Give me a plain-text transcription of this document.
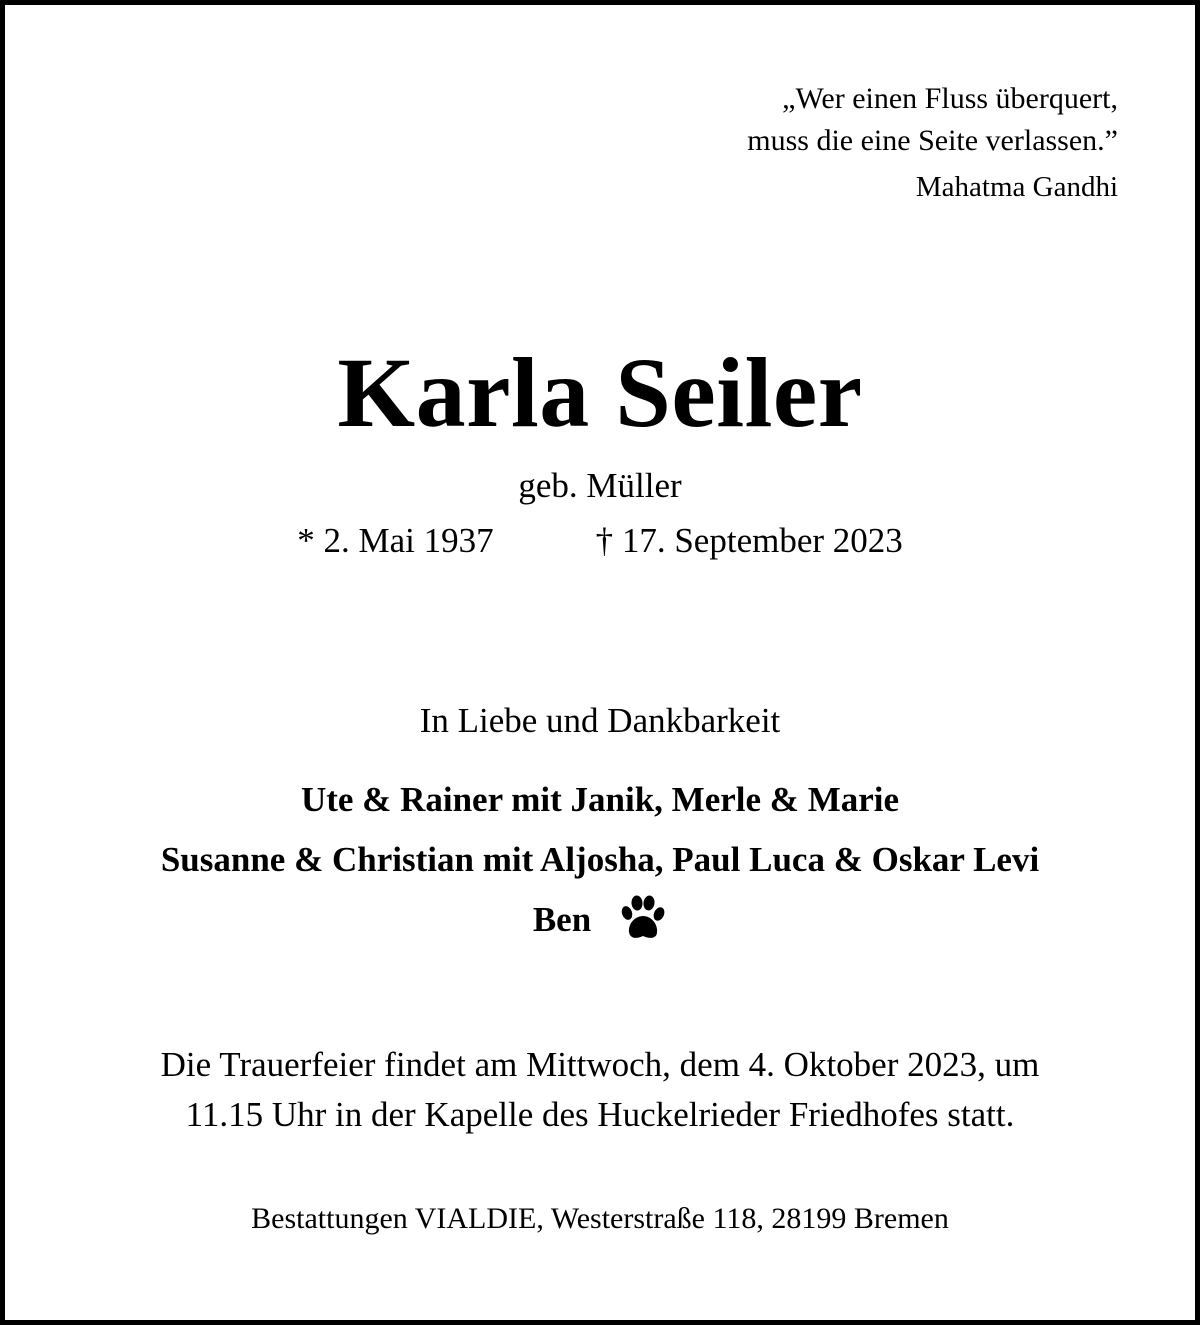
„Wer einen Fluss überquert,
muss die eine Seite verlassen.”
Mahatma Gandhi
Karla Seiler
geb. Müller
* 2. Mai 1937	† 17. September 2023
In Liebe und Dankbarkeit
Ute & Rainer mit Janik, Merle & Marie
Susanne & Christian mit Aljosha, Paul Luca & Oskar Levi
Ben
Die Trauerfeier findet am Mittwoch, dem 4. Oktober 2023, um
11.15 Uhr in der Kapelle des Huckelrieder Friedhofes statt.
Bestattungen VIALDIE, Westerstraße 118, 28199 Bremen
